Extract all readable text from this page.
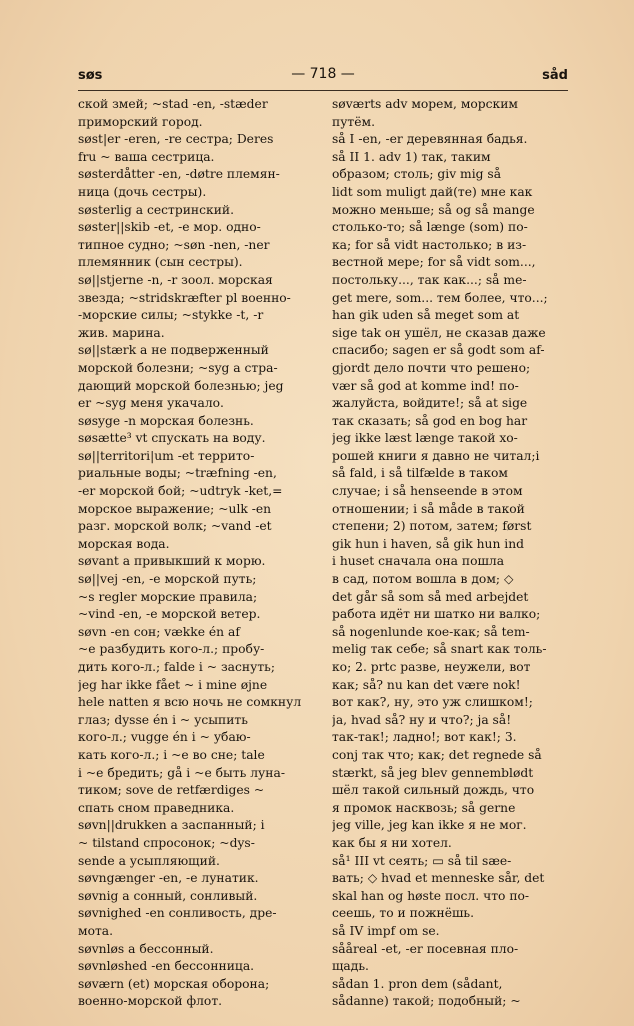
søs	— 718 —	såd
ской змей; ~stad -en, -stæder
приморский город.
søst|er -eren, -re сестра; Deres
fru ~ ваша сестрица.
søsterdåtter -en, -døtre племян-
ница (дочь сестры).
søsterlig a сестринский.
søster||skib -et, -e мор. одно-
типное судно; ~søn -nen, -ner
племянник (сын сестры).
sø||stjerne -n, -r зоол. морская
звезда; ~stridskræfter pl военно-
-морские силы; ~stykke -t, -r
жив. марина.
sø||stærk a не подверженный
морской болезни; ~syg a стра-
дающий морской болезнью; jeg
er ~syg меня укачало.
søsyge -n морская болезнь.
søsætte³ vt спускать на воду.
sø||territori|um -et террито-
риальные воды; ~træfning -en,
-er морской бой; ~udtryk -ket,=
морское выражение; ~ulk -en
разг. морской волк; ~vand -et
морская вода.
søvant a привыкший к морю.
sø||vej -en, -e морской путь;
~s regler морские правила;
~vind -en, -e морской ветер.
søvn -en сон; vække én af
~e разбудить кого-л.; пробу-
дить кого-л.; falde i ~ заснуть;
jeg har ikke fået ~ i mine øjne
hele natten я всю ночь не сомкнул
глаз; dysse én i ~ усыпить
кого-л.; vugge én i ~ убаю-
кать кого-л.; i ~e во сне; tale
i ~e бредить; gå i ~e быть луна-
тиком; sove de retfærdiges ~
спать сном праведника.
søvn||drukken a заспанный; i
~ tilstand спросонок; ~dys-
sende a усыпляющий.
søvngænger -en, -e лунатик.
søvnig a сонный, сонливый.
søvnighed -en сонливость, дре-
мота.
søvnløs a бессонный.
søvnløshed -en бессонница.
søværn (et) морская оборона;
военно-морской флот.
søværts adv морем, морским
путём.
så I -en, -er деревянная бадья.
så II 1. adv 1) так, таким
образом; столь; giv mig så
lidt som muligt дай(те) мне как
можно меньше; så og så mange
столько-то; så længe (som) по-
ка; for så vidt настолько; в из-
вестной мере; for så vidt som...,
постольку..., так как...; så me-
get mere, som... тем более, что...;
han gik uden så meget som at
sige tak он ушёл, не сказав даже
спасибо; sagen er så godt som af-
gjordt дело почти что решено;
vær så god at komme ind! по-
жалуйста, войдите!; så at sige
так сказать; så god en bog har
jeg ikke læst længe такой хо-
рошей книги я давно не читал;i
så fald, i så tilfælde в таком
случае; i så henseende в этом
отношении; i så måde в такой
степени; 2) потом, затем; først
gik hun i haven, så gik hun ind
i huset сначала она пошла
в сад, потом вошла в дом; ◇
det går så som så med arbejdet
работа идёт ни шатко ни валко;
så nogenlunde кое-как; så tem-
melig так себе; så snart как толь-
ко; 2. prtc разве, неужели, вот
как; så? nu kan det være nok!
вот как?, ну, это уж слишком!;
ja, hvad så? ну и что?; ja så!
так-так!; ладно!; вот как!; 3.
conj так что; как; det regnede så
stærkt, så jeg blev gennemblødt
шёл такой сильный дождь, что
я промок насквозь; så gerne
jeg ville, jeg kan ikke я не мог.
как бы я ни хотел.
så¹ III vt сеять; ▭ så til sæe-
вать; ◇ hvad et menneske sår, det
skal han og høste посл. что по-
сеешь, то и пожнёшь.
så IV impf om se.
sååreal -et, -er посевная пло-
щадь.
sådan 1. pron dem (sådant,
sådanne) такой; подобный; ~
